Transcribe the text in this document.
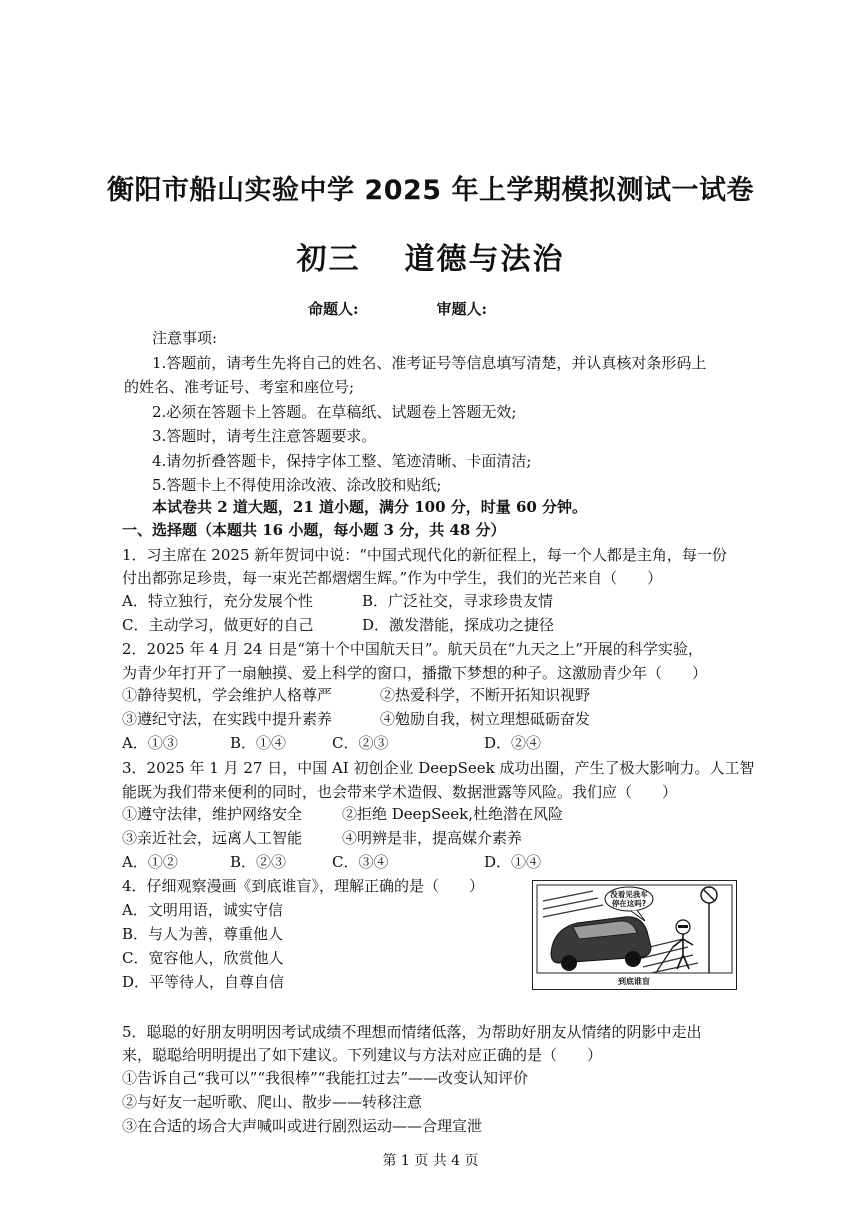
衡阳市船山实验中学 2025 年上学期模拟测试一试卷
初三 道德与法治
命题人:	审题人:
注意事项:
1.答题前，请考生先将自己的姓名、准考证号等信息填写清楚，并认真核对条形码上
的姓名、准考证号、考室和座位号;
2.必须在答题卡上答题。在草稿纸、试题卷上答题无效;
3.答题时，请考生注意答题要求。
4.请勿折叠答题卡，保持字体工整、笔迹清晰、卡面清洁;
5.答题卡上不得使用涂改液、涂改胶和贴纸;
本试卷共 2 道大题，21 道小题，满分 100 分，时量 60 分钟。
一、选择题（本题共 16 小题，每小题 3 分，共 48 分）
1．习主席在 2025 新年贺词中说：“中国式现代化的新征程上，每一个人都是主角，每一份
付出都弥足珍贵，每一束光芒都熠熠生辉。”作为中学生，我们的光芒来自（　　）
A．特立独行，充分发展个性	B．广泛社交，寻求珍贵友情
C．主动学习，做更好的自己	D．激发潜能，探成功之捷径
2．2025 年 4 月 24 日是“第十个中国航天日”。航天员在“九天之上”开展的科学实验，
为青少年打开了一扇触摸、爱上科学的窗口，播撒下梦想的种子。这激励青少年（　　）
①静待契机，学会维护人格尊严	②热爱科学，不断开拓知识视野
③遵纪守法，在实践中提升素养	④勉励自我，树立理想砥砺奋发
A．①③	B．①④	C．②③	D．②④
3．2025 年 1 月 27 日，中国 AI 初创企业 DeepSeek 成功出圈，产生了极大影响力。人工智
能既为我们带来便利的同时，也会带来学术造假、数据泄露等风险。我们应（　　）
①遵守法律，维护网络安全	②拒绝 DeepSeek,杜绝潜在风险
③亲近社会，远离人工智能	④明辨是非，提高媒介素养
A．①②	B．②③	C．③④	D．①④
4．仔细观察漫画《到底谁盲》，理解正确的是（　　）
A．文明用语，诚实守信
B．与人为善，尊重他人
C．宽容他人，欣赏他人
D．平等待人，自尊自信
没看见我车
停在这吗?
到底谁盲
5．聪聪的好朋友明明因考试成绩不理想而情绪低落，为帮助好朋友从情绪的阴影中走出
来，聪聪给明明提出了如下建议。下列建议与方法对应正确的是（　　）
①告诉自己“我可以”“我很棒”“我能扛过去”——改变认知评价
②与好友一起听歌、爬山、散步——转移注意
③在合适的场合大声喊叫或进行剧烈运动——合理宣泄
第 1 页 共 4 页
